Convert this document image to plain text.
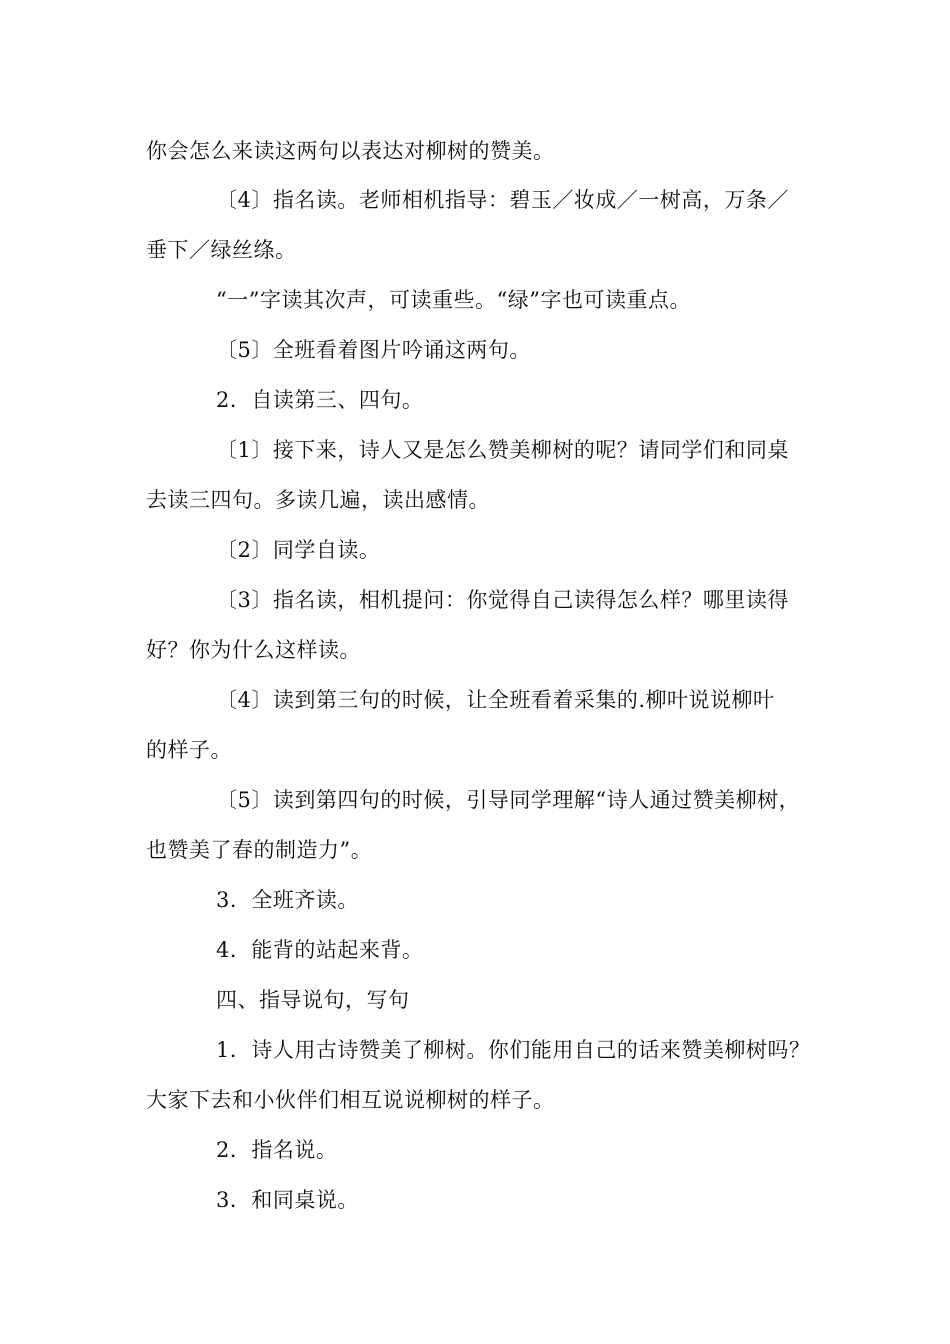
你会怎么来读这两句以表达对柳树的赞美。
〔4〕指名读。老师相机指导：碧玉／妆成／一树高，万条／
垂下／绿丝绦。
“一”字读其次声，可读重些。“绿”字也可读重点。
〔5〕全班看着图片吟诵这两句。
2．自读第三、四句。
〔1〕接下来，诗人又是怎么赞美柳树的呢？请同学们和同桌
去读三四句。多读几遍，读出感情。
〔2〕同学自读。
〔3〕指名读，相机提问：你觉得自己读得怎么样？哪里读得
好？你为什么这样读。
〔4〕读到第三句的时候，让全班看着采集的.柳叶说说柳叶
的样子。
〔5〕读到第四句的时候，引导同学理解“诗人通过赞美柳树，
也赞美了春的制造力”。
3．全班齐读。
4．能背的站起来背。
四、指导说句，写句
1．诗人用古诗赞美了柳树。你们能用自己的话来赞美柳树吗？
大家下去和小伙伴们相互说说柳树的样子。
2．指名说。
3．和同桌说。
